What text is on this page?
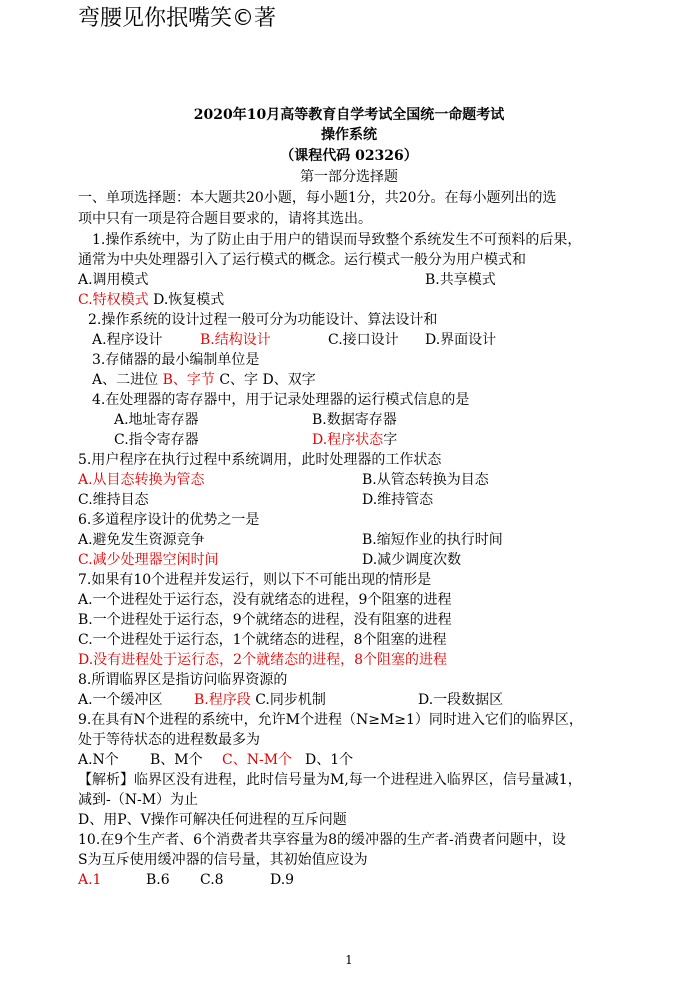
弯腰见你抿嘴笑©著
2020年10月高等教育自学考试全国统一命题考试
操作系统
（课程代码 02326）
第一部分选择题
一、单项选择题：本大题共20小题，每小题1分，共20分。在每小题列出的选
项中只有一项是符合题目要求的，请将其选出。
1.操作系统中，为了防止由于用户的错误而导致整个系统发生不可预料的后果，
通常为中央处理器引入了运行模式的概念。运行模式一般分为用户模式和
A.调用模式	B.共享模式
C.特权模式 D.恢复模式
2.操作系统的设计过程一般可分为功能设计、算法设计和
A.程序设计	B.结构设计	C.接口设计 D.界面设计
3.存储器的最小编制单位是
A、二进位 B、字节 C、字 D、双字
4.在处理器的寄存器中，用于记录处理器的运行模式信息的是
A.地址寄存器	B.数据寄存器
C.指令寄存器	D.程序状态字
5.用户程序在执行过程中系统调用，此时处理器的工作状态
A.从目态转换为管态	B.从管态转换为目态
C.维持目态	D.维持管态
6.多道程序设计的优势之一是
A.避免发生资源竞争	B.缩短作业的执行时间
C.减少处理器空闲时间	D.减少调度次数
7.如果有10个进程并发运行，则以下不可能出现的情形是
A.一个进程处于运行态，没有就绪态的进程，9个阻塞的进程
B.一个进程处于运行态，9个就绪态的进程，没有阻塞的进程
C.一个进程处于运行态，1个就绪态的进程，8个阻塞的进程
D.没有进程处于运行态，2个就绪态的进程，8个阻塞的进程
8.所谓临界区是指访问临界资源的
A.一个缓冲区 B.程序段 C.同步机制	D.一段数据区
9.在具有N个进程的系统中，允许M个进程（N≥M≥1）同时进入它们的临界区，
处于等待状态的进程数最多为
A.N个 B、M个 C、N-M个 D、1个
【解析】临界区没有进程，此时信号量为M,每一个进程进入临界区，信号量减1，
减到-（N-M）为止
D、用P、V操作可解决任何进程的互斥问题
10.在9个生产者、6个消费者共享容量为8的缓冲器的生产者-消费者问题中，设
S为互斥使用缓冲器的信号量，其初始值应设为
A.1	B.6 C.8	D.9
1
